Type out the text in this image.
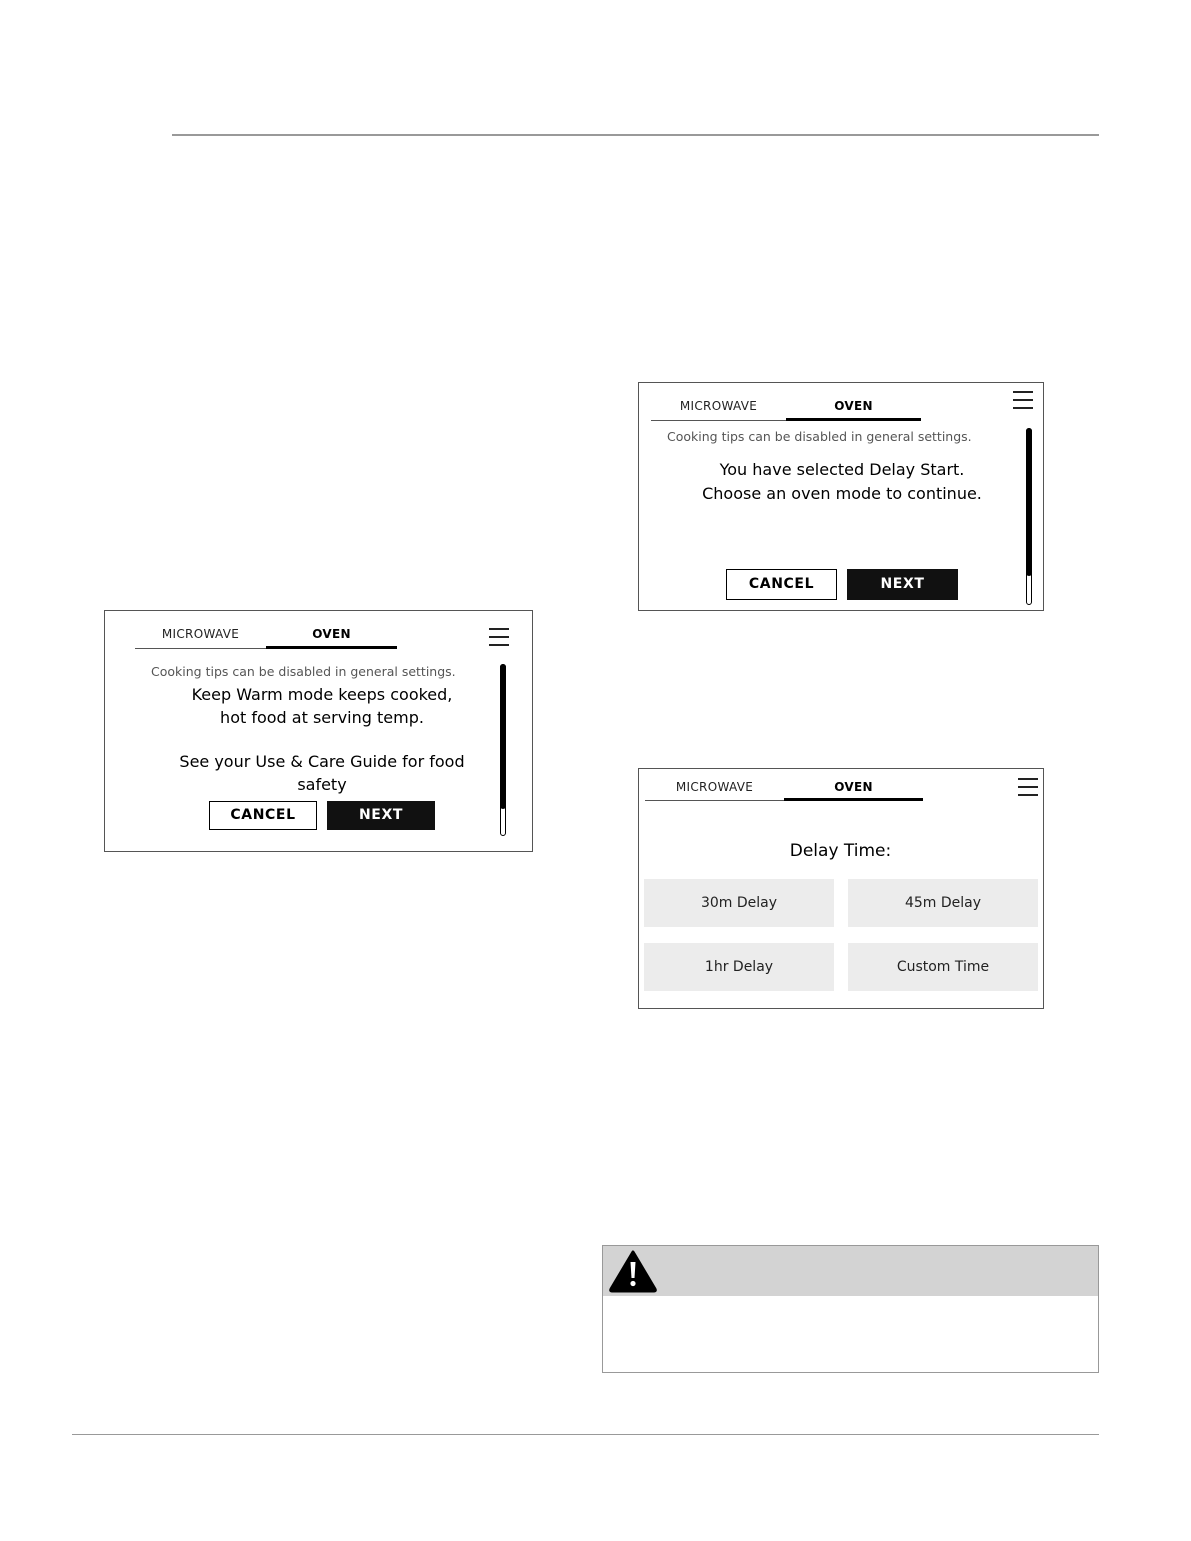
MICROWAVE	OVEN
Cooking tips can be disabled in general settings.
Keep Warm mode keeps cooked,
hot food at serving temp.
See your Use & Care Guide for food
safety
CANCEL	NEXT
MICROWAVE	OVEN
Cooking tips can be disabled in general settings.
You have selected Delay Start.
Choose an oven mode to continue.
CANCEL	NEXT
MICROWAVE	OVEN
Delay Time:
30m Delay	45m Delay
1hr Delay	Custom Time
